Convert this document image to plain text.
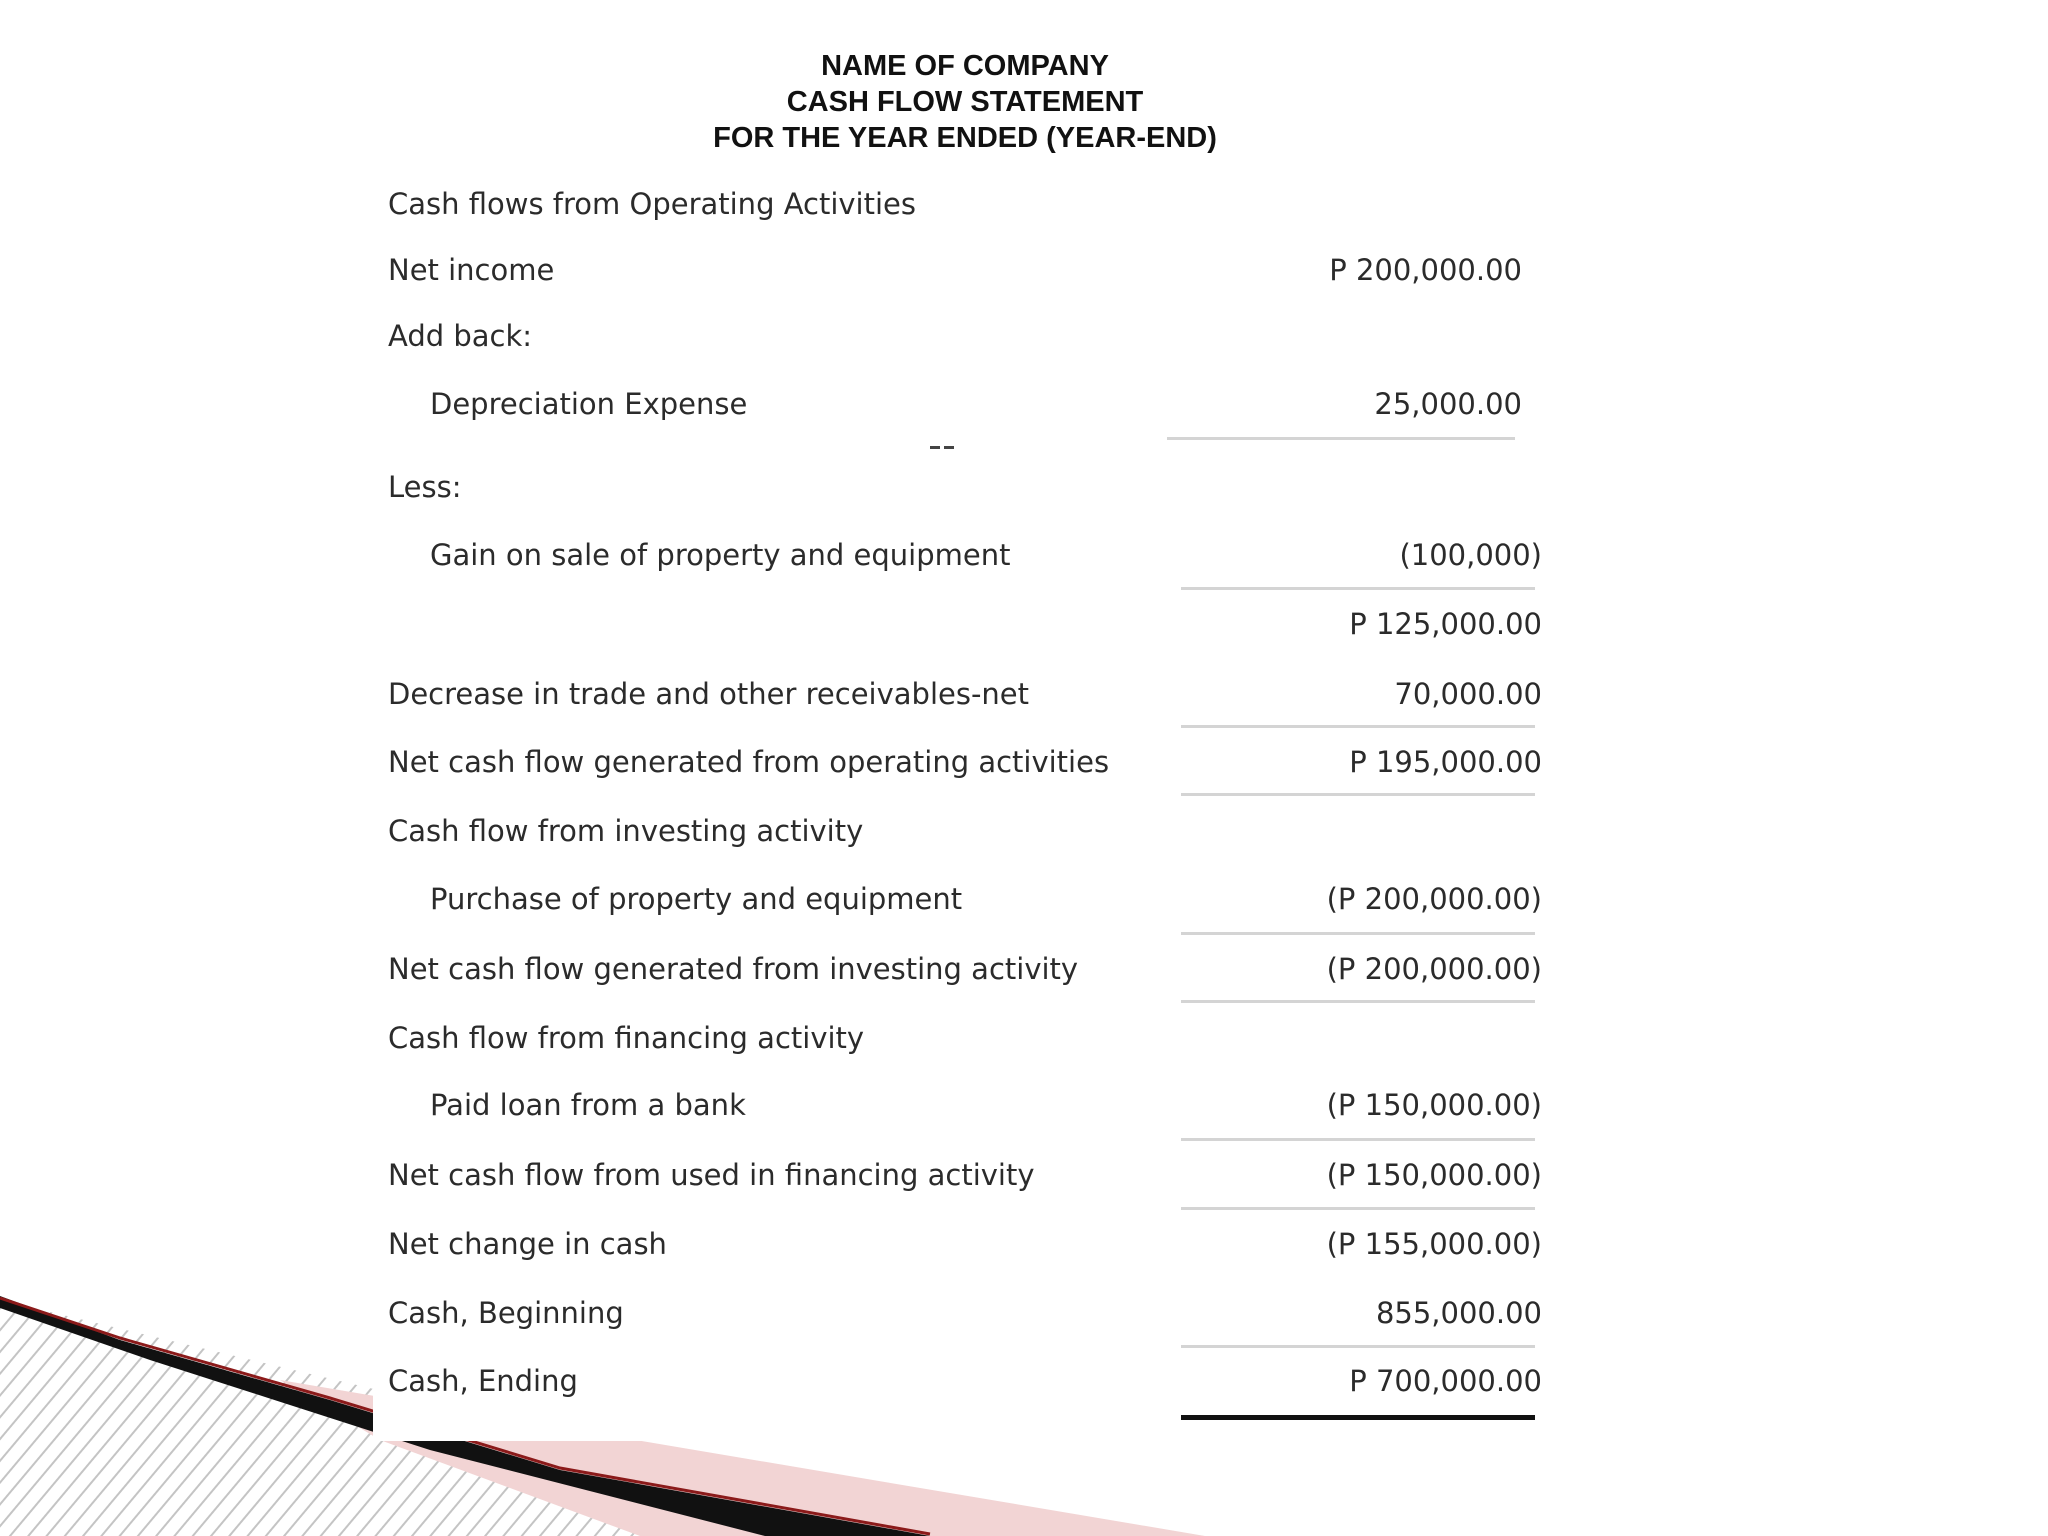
NAME OF COMPANY
CASH FLOW STATEMENT
FOR THE YEAR ENDED (YEAR-END)
Cash flows from Operating Activities
Net income	P 200,000.00
Add back:
Depreciation Expense	25,000.00
Less:
Gain on sale of property and equipment	(100,000)
P 125,000.00
Decrease in trade and other receivables-net	70,000.00
Net cash flow generated from operating activities	P 195,000.00
Cash flow from investing activity
Purchase of property and equipment	(P 200,000.00)
Net cash flow generated from investing activity	(P 200,000.00)
Cash flow from financing activity
Paid loan from a bank	(P 150,000.00)
Net cash flow from used in financing activity	(P 150,000.00)
Net change in cash	(P 155,000.00)
Cash, Beginning	855,000.00
Cash, Ending	P 700,000.00
